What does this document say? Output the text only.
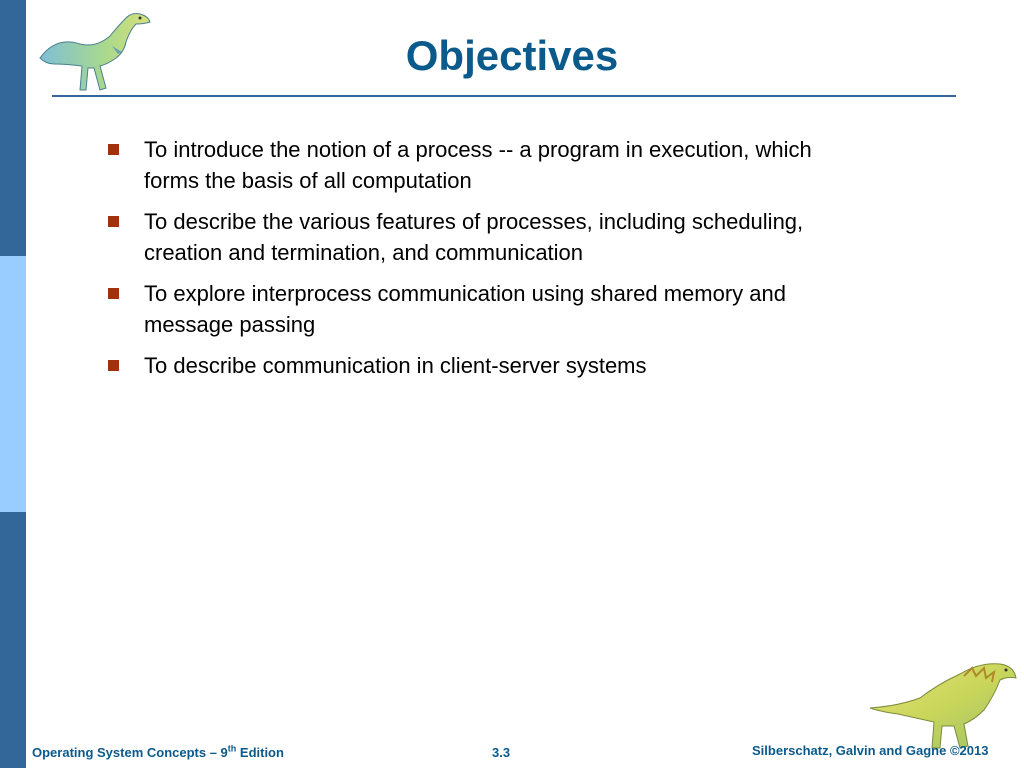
Objectives
To introduce the notion of a process -- a program in execution, which forms the basis of all computation
To describe the various features of processes, including scheduling, creation and termination, and communication
To explore interprocess communication using shared memory and message passing
To describe communication in client-server systems
Operating System Concepts – 9th Edition	3.3	Silberschatz, Galvin and Gagne ©2013
